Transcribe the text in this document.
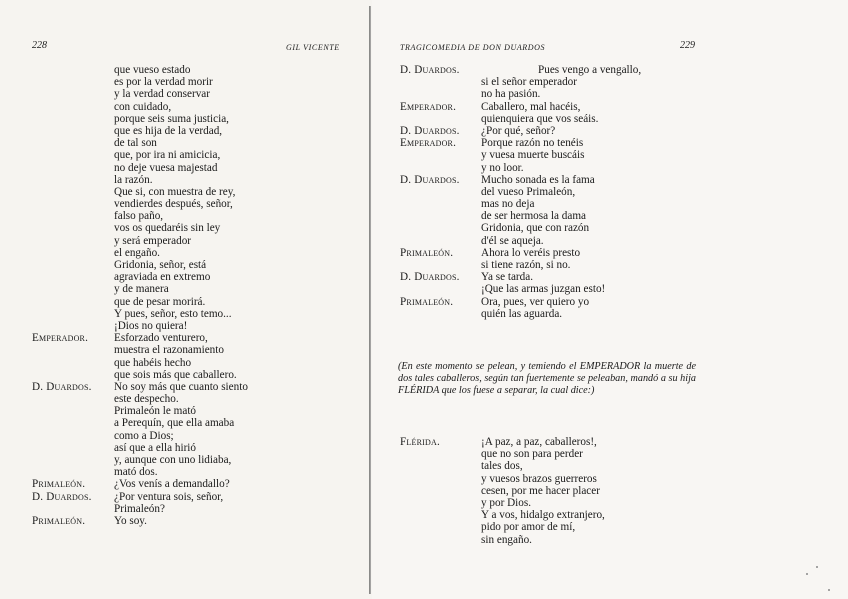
228	GIL VICENTE	TRAGICOMEDIA DE DON DUARDOS	229
que vueso estado
es por la verdad morir
y la verdad conservar
con cuidado,
porque seis suma justicia,
que es hija de la verdad,
de tal son
que, por ira ni amicicia,
no deje vuesa majestad
la razón.
Que si, con muestra de rey,
vendierdes después, señor,
falso paño,
vos os quedaréis sin ley
y será emperador
el engaño.
Gridonia, señor, está
agraviada en extremo
y de manera
que de pesar morirá.
Y pues, señor, esto temo...
¡Dios no quiera!
Emperador. Esforzado venturero,
muestra el razonamiento
que habéis hecho
que sois más que caballero.
D. Duardos. No soy más que cuanto siento
este despecho.
Primaleón le mató
a Perequín, que ella amaba
como a Dios;
así que a ella hirió
y, aunque con uno lidiaba,
mató dos.
Primaleón.	¿Vos venís a demandallo?
D. Duardos. ¿Por ventura sois, señor,
Primaleón?
Primaleón.	Yo soy.
D. Duardos.	Pues vengo a vengallo,
si el señor emperador
no ha pasión.
Emperador. Caballero, mal hacéis,
quienquiera que vos seáis.
D. Duardos. ¿Por qué, señor?
Emperador. Porque razón no tenéis
y vuesa muerte buscáis
y no loor.
D. Duardos. Mucho sonada es la fama
del vueso Primaleón,
mas no deja
de ser hermosa la dama
Gridonia, que con razón
d'él se aqueja.
Primaleón. Ahora lo veréis presto
si tiene razón, si no.
D. Duardos. Ya se tarda.
¡Que las armas juzgan esto!
Primaleón. Ora, pues, ver quiero yo
quién las aguarda.
(En este momento se pelean, y temiendo el EMPERADOR la muerte de dos tales caballeros, según tan fuertemente se peleaban, mandó a su hija FLÉRIDA que los fuese a separar, la cual dice:)
Flérida.	¡A paz, a paz, caballeros!,
que no son para perder
tales dos,
y vuesos brazos guerreros
cesen, por me hacer placer
y por Dios.
Y a vos, hidalgo extranjero,
pido por amor de mí,
sin engaño.
